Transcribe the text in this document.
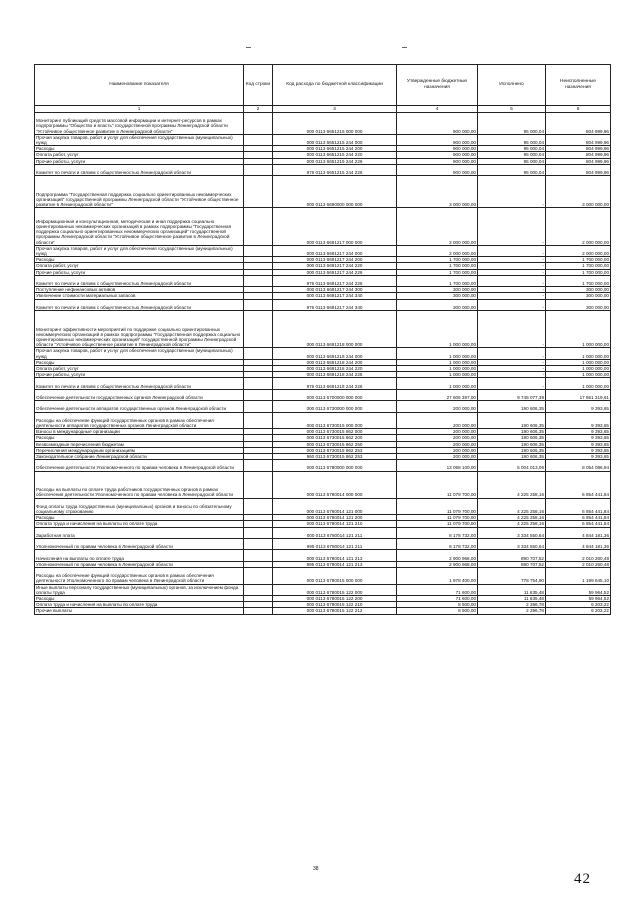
Наименование показателя	Код строки	Код расхода по бюджетной классификации	Утвержденные бюджетные назначения	Исполнено	Неисполненные назначения
1	2	3	4	5	6
Мониторинг публикаций средств массовой информации и интернет-ресурсов в рамках подпрограммы "Общество и власть" государственной программы Ленинградской области "Устойчивое общественное развитие в Ленинградской области"		000 0113 6651215 000 000	900 000,00	95 000,04	804 999,96
Прочая закупка товаров, работ и услуг для обеспечения государственных (муниципальных) нужд		000 0113 6651215 244 000	900 000,00	95 000,04	804 999,96
Расходы		000 0113 6651215 244 200	900 000,00	95 000,04	804 999,96
Оплата работ, услуг		000 0113 6651215 244 220	900 000,00	95 000,04	804 999,96
Прочие работы, услуги		000 0113 6651215 244 226	900 000,00	95 000,04	804 999,96
Комитет по печати и связям с общественностью Ленинградской области		976 0113 6651215 244 226	900 000,00	95 000,04	804 999,96
Подпрограмма "Государственная поддержка социально ориентированных некоммерческих организаций" государственной программы Ленинградской области "Устойчивое общественное развитие в Ленинградской области"		000 0113 6690000 000 000	3 000 000,00	-	3 000 000,00
Информационная и консультационная, методическая и иная поддержка социально ориентированных некоммерческих организаций в рамках подпрограммы "Государственная поддержка социально ориентированных некоммерческих организаций" государственной программы Ленинградской области "Устойчивое общественное развитие в Ленинградской области"		000 0113 6691217 000 000	2 000 000,00	-	2 000 000,00
Прочая закупка товаров, работ и услуг для обеспечения государственных (муниципальных) нужд		000 0113 6691217 244 000	2 000 000,00	-	2 000 000,00
Расходы		000 0113 6691217 244 200	1 700 000,00	-	1 700 000,00
Оплата работ, услуг		000 0113 6691217 244 220	1 700 000,00	-	1 700 000,00
Прочие работы, услуги		000 0113 6691217 244 226	1 700 000,00	-	1 700 000,00
Комитет по печати и связям с общественностью Ленинградской области		976 0113 6691217 244 226	1 700 000,00	-	1 700 000,00
Поступление нефинансовых активов		000 0113 6691217 244 300	300 000,00	-	300 000,00
Увеличение стоимости материальных запасов		000 0113 6691217 244 340	300 000,00	-	300 000,00
Комитет по печати и связям с общественностью Ленинградской области		976 0113 6691217 244 340	300 000,00	-	300 000,00
Мониторинг эффективности мероприятий по поддержке социально ориентированных некоммерческих организаций в рамках подпрограммы "Государственная поддержка социально ориентированных некоммерческих организаций" государственной программы Ленинградской области "Устойчивое общественное развитие в Ленинградской области"		000 0113 6691218 000 000	1 000 000,00	-	1 000 000,00
Прочая закупка товаров, работ и услуг для обеспечения государственных (муниципальных) нужд		000 0113 6691218 244 000	1 000 000,00	-	1 000 000,00
Расходы		000 0113 6691218 244 200	1 000 000,00	-	1 000 000,00
Оплата работ, услуг		000 0113 6691218 244 220	1 000 000,00	-	1 000 000,00
Прочие работы, услуги		000 0113 6691218 244 226	1 000 000,00	-	1 000 000,00
Комитет по печати и связям с общественностью Ленинградской области		976 0113 6691218 244 226	1 000 000,00	-	1 000 000,00
Обеспечение деятельности государственных органов Ленинградской области		000 0113 6700000 000 000	27 606 397,00	9 745 077,39	17 861 319,61
Обеспечение деятельности аппаратов государственных органов Ленинградской области		000 0113 6730000 000 000	200 000,00	190 606,35	9 393,65
Расходы на обеспечение функций государственных органов в рамках обеспечения деятельности аппаратов государственных органов Ленинградской области		000 0113 6730015 000 000	200 000,00	190 606,35	9 393,65
Взносы в международные организации		000 0113 6730015 862 000	200 000,00	190 606,35	9 393,65
Расходы		000 0113 6730015 862 200	200 000,00	190 606,35	9 393,65
Безвозмездные перечисления бюджетам		000 0113 6730015 862 250	200 000,00	190 606,35	9 393,65
Перечисления международным организациям		000 0113 6730015 862 253	200 000,00	190 606,35	9 393,65
Законодательное собрание Ленинградской области		960 0113 6730015 862 253	200 000,00	190 606,35	9 393,65
Обеспечение деятельности Уполномоченного по правам человека в Ленинградской области		000 0113 6780000 000 000	13 058 100,00	5 004 013,06	8 054 086,94
Расходы на выплаты по оплате труда работников государственных органов в рамках обеспечения деятельности Уполномоченного по правам человека в Ленинградской области		000 0113 6780014 000 000	11 079 700,00	4 225 258,16	6 854 441,84
Фонд оплаты труда государственных (муниципальных) органов и взносы по обязательному социальному страхованию		000 0113 6780014 121 000	11 079 700,00	4 225 258,16	6 854 441,84
Расходы		000 0113 6780014 121 200	11 079 700,00	4 225 258,16	6 854 441,84
Оплата труда и начисления на выплаты по оплате труда		000 0113 6780014 121 210	11 079 700,00	4 225 258,16	6 854 441,84
Заработная плата		000 0113 6780014 121 211	8 178 732,00	3 334 550,64	4 844 181,36
Уполномоченный по правам человека в Ленинградской области		995 0113 6780014 121 211	8 178 732,00	3 334 550,64	4 844 181,36
Начисления на выплаты по оплате труда		000 0113 6780014 121 213	2 900 968,00	890 707,52	2 010 260,48
Уполномоченный по правам человека в Ленинградской области		995 0113 6780014 121 213	2 900 968,00	890 707,52	2 010 260,48
Расходы на обеспечение функций государственных органов в рамках обеспечения деятельности Уполномоченного по правам человека в Ленинградской области		000 0113 6780015 000 000	1 978 400,00	778 754,90	1 199 645,10
Иные выплаты персоналу государственных (муниципальных) органов, за исключением фонда оплаты труда		000 0113 6780015 122 000	71 600,00	11 635,48	59 964,52
Расходы		000 0113 6780015 122 200	71 600,00	11 635,48	59 964,52
Оплата труда и начисления на выплаты по оплате труда		000 0113 6780015 122 210	8 500,00	2 296,78	6 203,22
Прочие выплаты		000 0113 6780015 122 212	8 500,00	2 296,78	6 203,22
38
42
